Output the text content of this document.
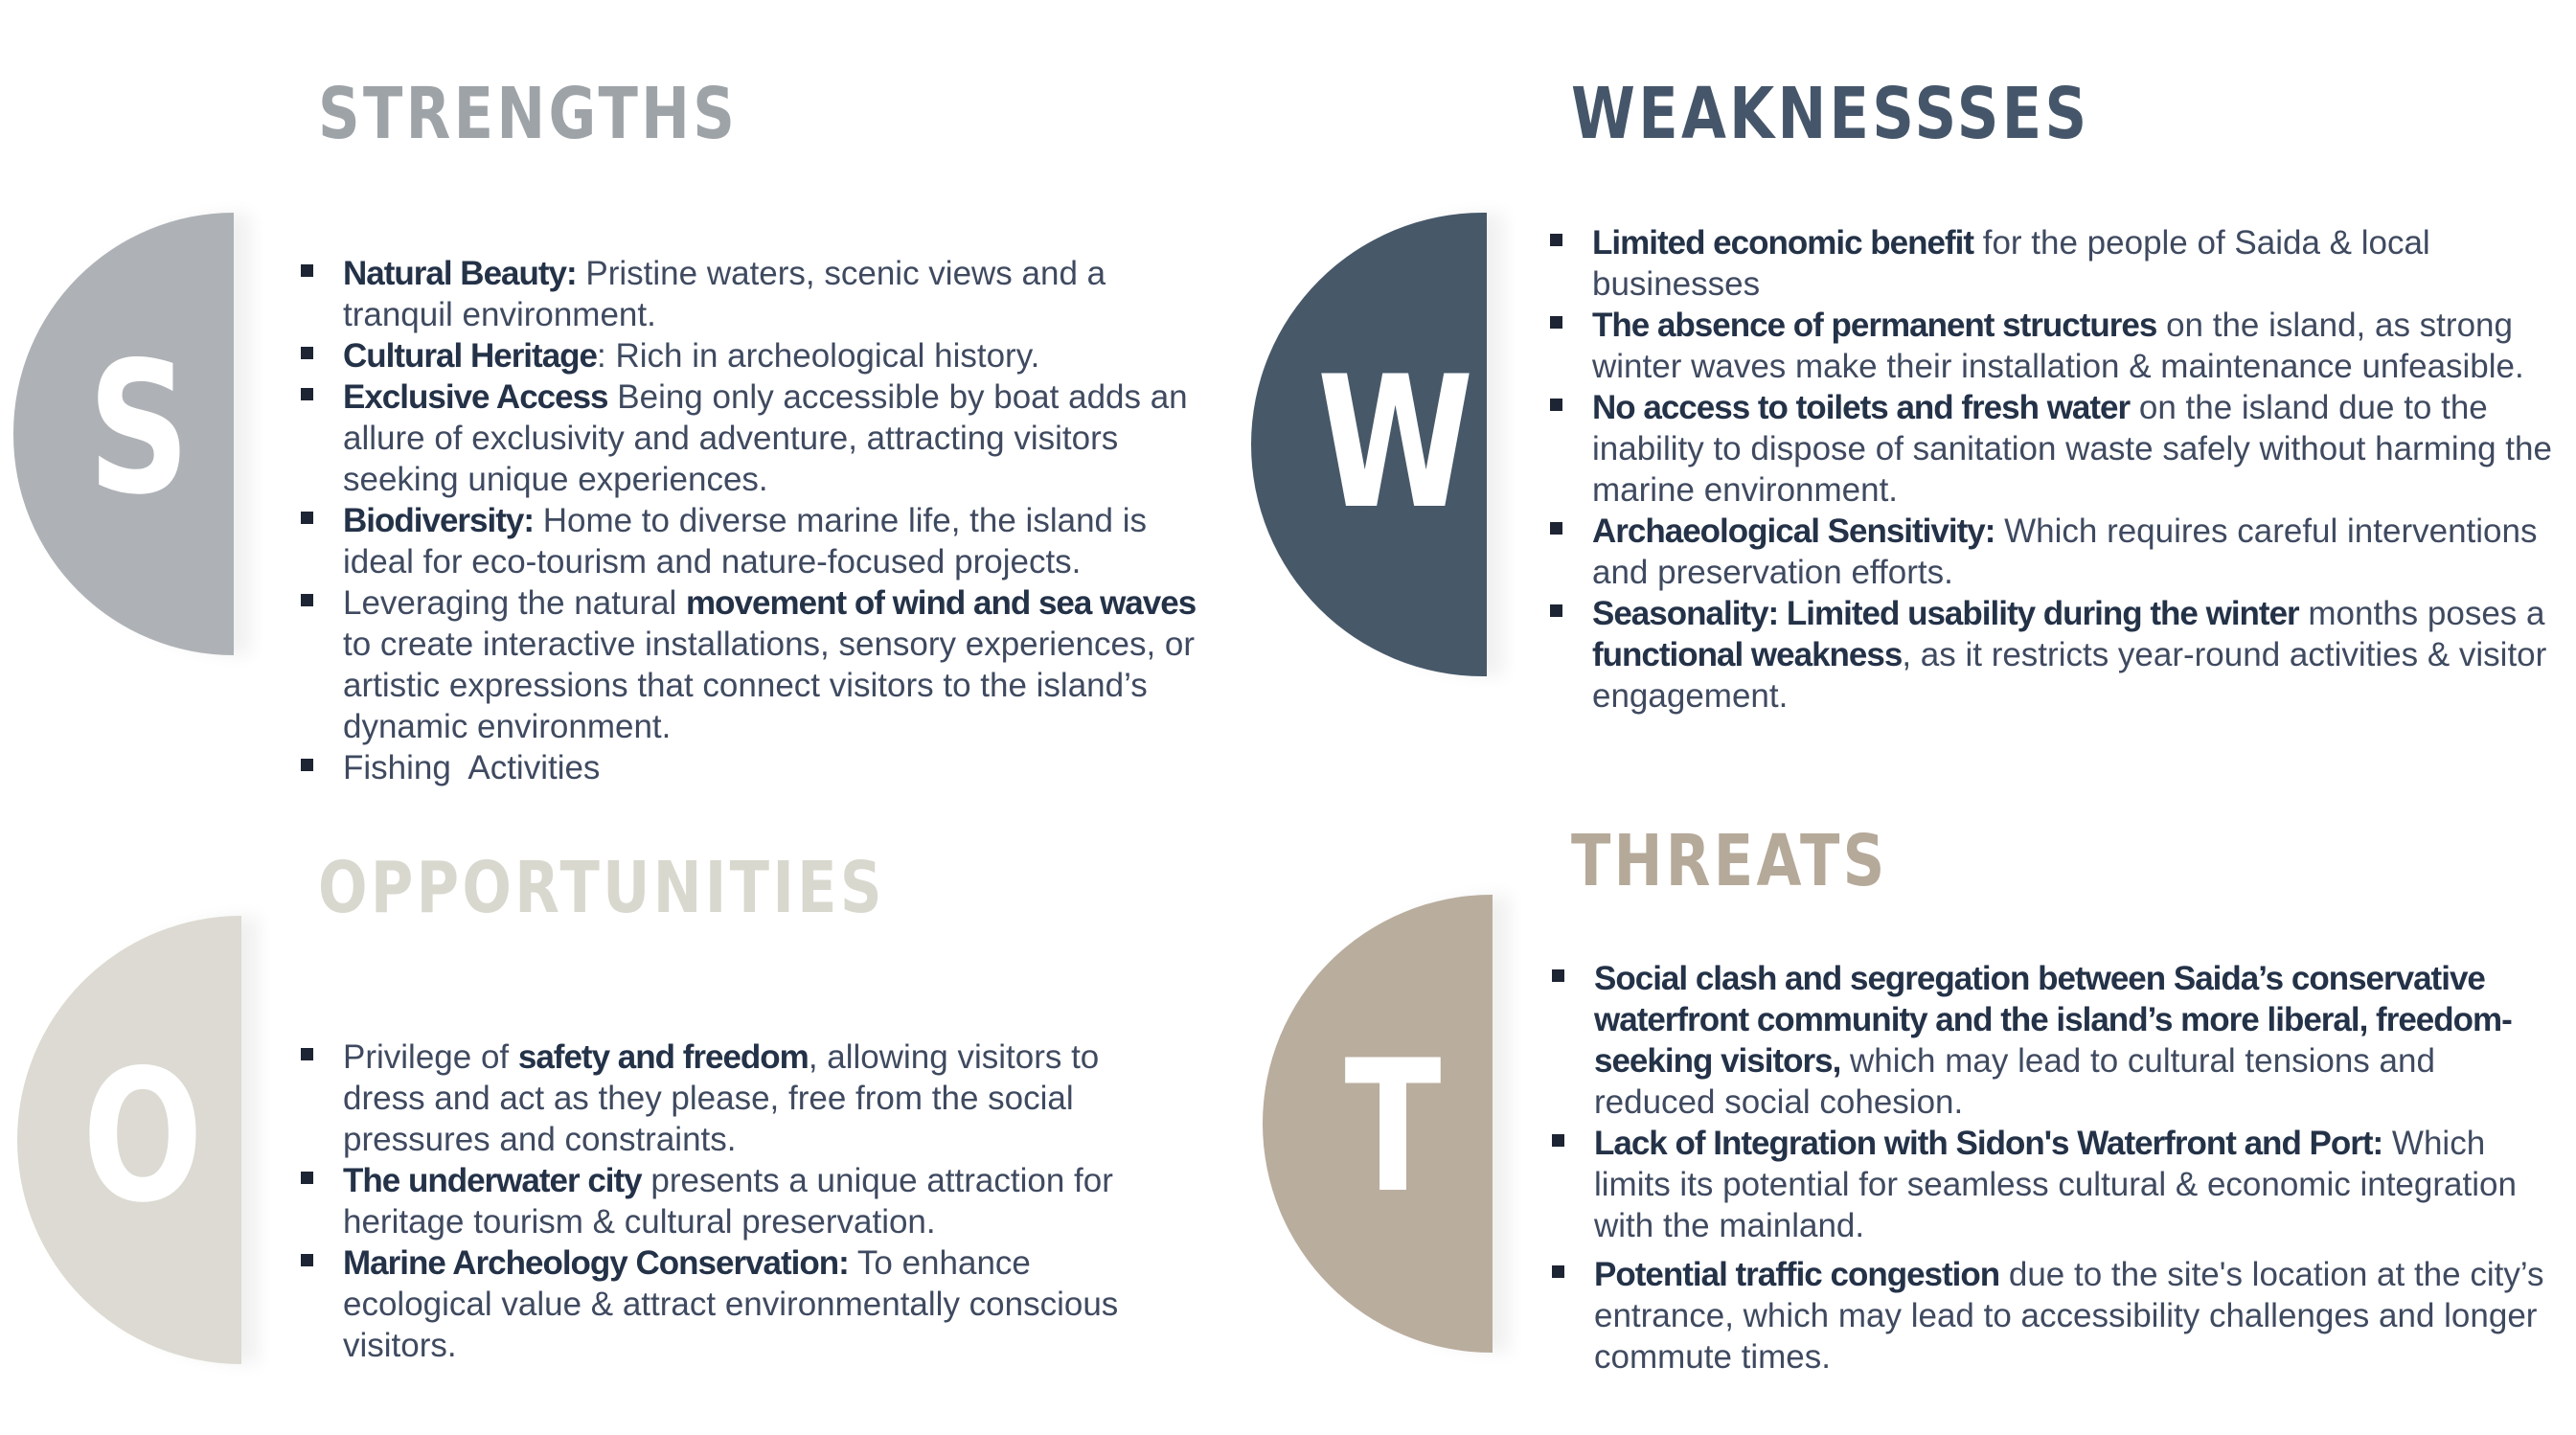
STRENGTHS
S
Natural Beauty: Pristine waters, scenic views and a tranquil environment.
Cultural Heritage: Rich in archeological history.
Exclusive Access Being only accessible by boat adds an allure of exclusivity and adventure, attracting visitors seeking unique experiences.
Biodiversity: Home to diverse marine life, the island is ideal for eco-tourism and nature-focused projects.
Leveraging the natural movement of wind and sea waves to create interactive installations, sensory experiences, or artistic expressions that connect visitors to the island’s dynamic environment.
Fishing  Activities
WEAKNESSSES
W
Limited economic benefit for the people of Saida & local businesses
The absence of permanent structures on the island, as strong winter waves make their installation & maintenance unfeasible.
No access to toilets and fresh water on the island due to the inability to dispose of sanitation waste safely without harming the marine environment.
Archaeological Sensitivity: Which requires careful interventions and preservation efforts.
Seasonality: Limited usability during the winter months poses a functional weakness, as it restricts year-round activities & visitor engagement.
OPPORTUNITIES
O	Privilege of safety and freedom, allowing visitors to dress and act as they please, free from the social pressures and constraints.
The underwater city presents a unique attraction for heritage tourism & cultural preservation.
Marine Archeology Conservation: To enhance ecological value & attract environmentally conscious visitors.
THREATS
T
Social clash and segregation between Saida’s conservative waterfront community and the island’s more liberal, freedom-seeking visitors, which may lead to cultural tensions and reduced social cohesion.
Lack of Integration with Sidon's Waterfront and Port: Which limits its potential for seamless cultural & economic integration with the mainland.
Potential traffic congestion due to the site's location at the city’s entrance, which may lead to accessibility challenges and longer commute times.
